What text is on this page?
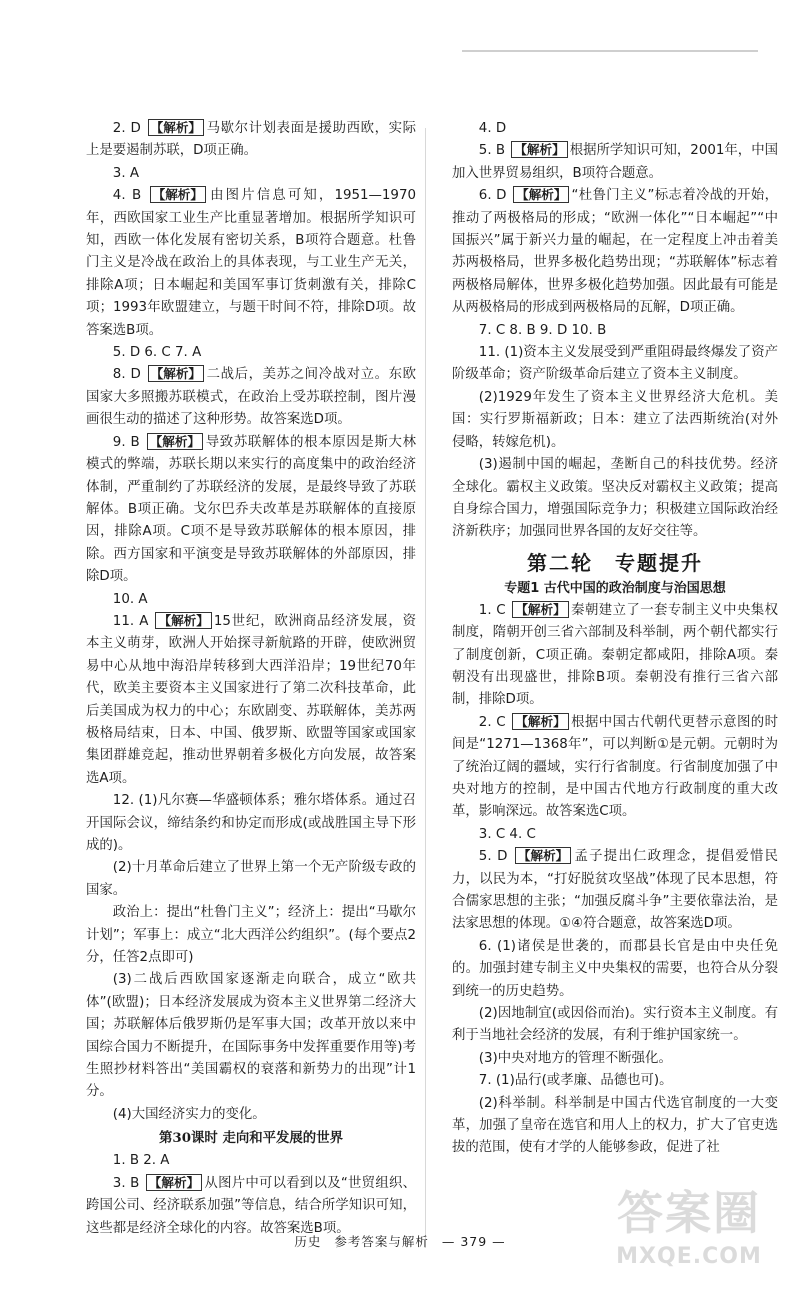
2. D 【解析】 马歇尔计划表面是援助西欧，实际上是要遏制苏联，D项正确。

3. A

4. B 【解析】 由图片信息可知，1951—1970年，西欧国家工业生产比重显著增加。根据所学知识可知，西欧一体化发展有密切关系，B项符合题意。杜鲁门主义是冷战在政治上的具体表现，与工业生产无关，排除A项；日本崛起和美国军事订货刺激有关，排除C项；1993年欧盟建立，与题干时间不符，排除D项。故答案选B项。

5. D 6. C 7. A

8. D 【解析】 二战后，美苏之间冷战对立。东欧国家大多照搬苏联模式，在政治上受苏联控制，图片漫画很生动的描述了这种形势。故答案选D项。

9. B 【解析】 导致苏联解体的根本原因是斯大林模式的弊端，苏联长期以来实行的高度集中的政治经济体制，严重制约了苏联经济的发展，是最终导致了苏联解体。B项正确。戈尔巴乔夫改革是苏联解体的直接原因，排除A项。C项不是导致苏联解体的根本原因，排除。西方国家和平演变是导致苏联解体的外部原因，排除D项。

10. A

11. A 【解析】 15世纪，欧洲商品经济发展，资本主义萌芽，欧洲人开始探寻新航路的开辟，使欧洲贸易中心从地中海沿岸转移到大西洋沿岸；19世纪70年代，欧美主要资本主义国家进行了第二次科技革命，此后美国成为权力的中心；东欧剧变、苏联解体，美苏两极格局结束，日本、中国、俄罗斯、欧盟等国家或国家集团群雄竞起，推动世界朝着多极化方向发展，故答案选A项。

12. (1)凡尔赛—华盛顿体系；雅尔塔体系。通过召开国际会议，缔结条约和协定而形成(或战胜国主导下形成的)。

(2)十月革命后建立了世界上第一个无产阶级专政的国家。

政治上：提出“杜鲁门主义”；经济上：提出“马歇尔计划”；军事上：成立“北大西洋公约组织”。(每个要点2分，任答2点即可)

(3)二战后西欧国家逐渐走向联合，成立“欧共体”(欧盟)；日本经济发展成为资本主义世界第二经济大国；苏联解体后俄罗斯仍是军事大国；改革开放以来中国综合国力不断提升，在国际事务中发挥重要作用等)考生照抄材料答出“美国霸权的衰落和新势力的出现”计1分。

(4)大国经济实力的变化。

第30课时 走向和平发展的世界

1. B 2. A

3. B 【解析】 从图片中可以看到以及“世贸组织、跨国公司、经济联系加强”等信息，结合所学知识可知，这些都是经济全球化的内容。故答案选B项。

4. D

5. B 【解析】 根据所学知识可知，2001年，中国加入世界贸易组织，B项符合题意。

6. D 【解析】 “杜鲁门主义”标志着冷战的开始，推动了两极格局的形成；“欧洲一体化”“日本崛起”“中国振兴”属于新兴力量的崛起，在一定程度上冲击着美苏两极格局，世界多极化趋势出现；“苏联解体”标志着两极格局解体，世界多极化趋势加强。因此最有可能是从两极格局的形成到两极格局的瓦解，D项正确。

7. C 8. B 9. D 10. B

11. (1)资本主义发展受到严重阻碍最终爆发了资产阶级革命；资产阶级革命后建立了资本主义制度。

(2)1929年发生了资本主义世界经济大危机。美国：实行罗斯福新政；日本：建立了法西斯统治(对外侵略，转嫁危机)。

(3)遏制中国的崛起，垄断自己的科技优势。经济全球化。霸权主义政策。坚决反对霸权主义政策；提高自身综合国力，增强国际竞争力；积极建立国际政治经济新秩序；加强同世界各国的友好交往等。

第二轮 专题提升
专题1 古代中国的政治制度与治国思想

1. C 【解析】 秦朝建立了一套专制主义中央集权制度，隋朝开创三省六部制及科举制，两个朝代都实行了制度创新，C项正确。秦朝定都咸阳，排除A项。秦朝没有出现盛世，排除B项。秦朝没有推行三省六部制，排除D项。

2. C 【解析】 根据中国古代朝代更替示意图的时间是“1271—1368年”，可以判断①是元朝。元朝时为了统治辽阔的疆域，实行行省制度。行省制度加强了中央对地方的控制，是中国古代地方行政制度的重大改革，影响深远。故答案选C项。

3. C 4. C

5. D 【解析】 孟子提出仁政理念，提倡爱惜民力，以民为本，“打好脱贫攻坚战”体现了民本思想，符合儒家思想的主张；“加强反腐斗争”主要依靠法治，是法家思想的体现。①④符合题意，故答案选D项。

6. (1)诸侯是世袭的，而郡县长官是由中央任免的。加强封建专制主义中央集权的需要，也符合从分裂到统一的历史趋势。

(2)因地制宜(或因俗而治)。实行资本主义制度。有利于当地社会经济的发展，有利于维护国家统一。

(3)中央对地方的管理不断强化。

7. (1)品行(或孝廉、品德也可)。

(2)科举制。科举制是中国古代选官制度的一大变革，加强了皇帝在选官和用人上的权力，扩大了官吏选拔的范围，使有才学的人能够参政，促进了社

历史 参考答案与解析 — 379 —
答案圈
MXQE.COM
